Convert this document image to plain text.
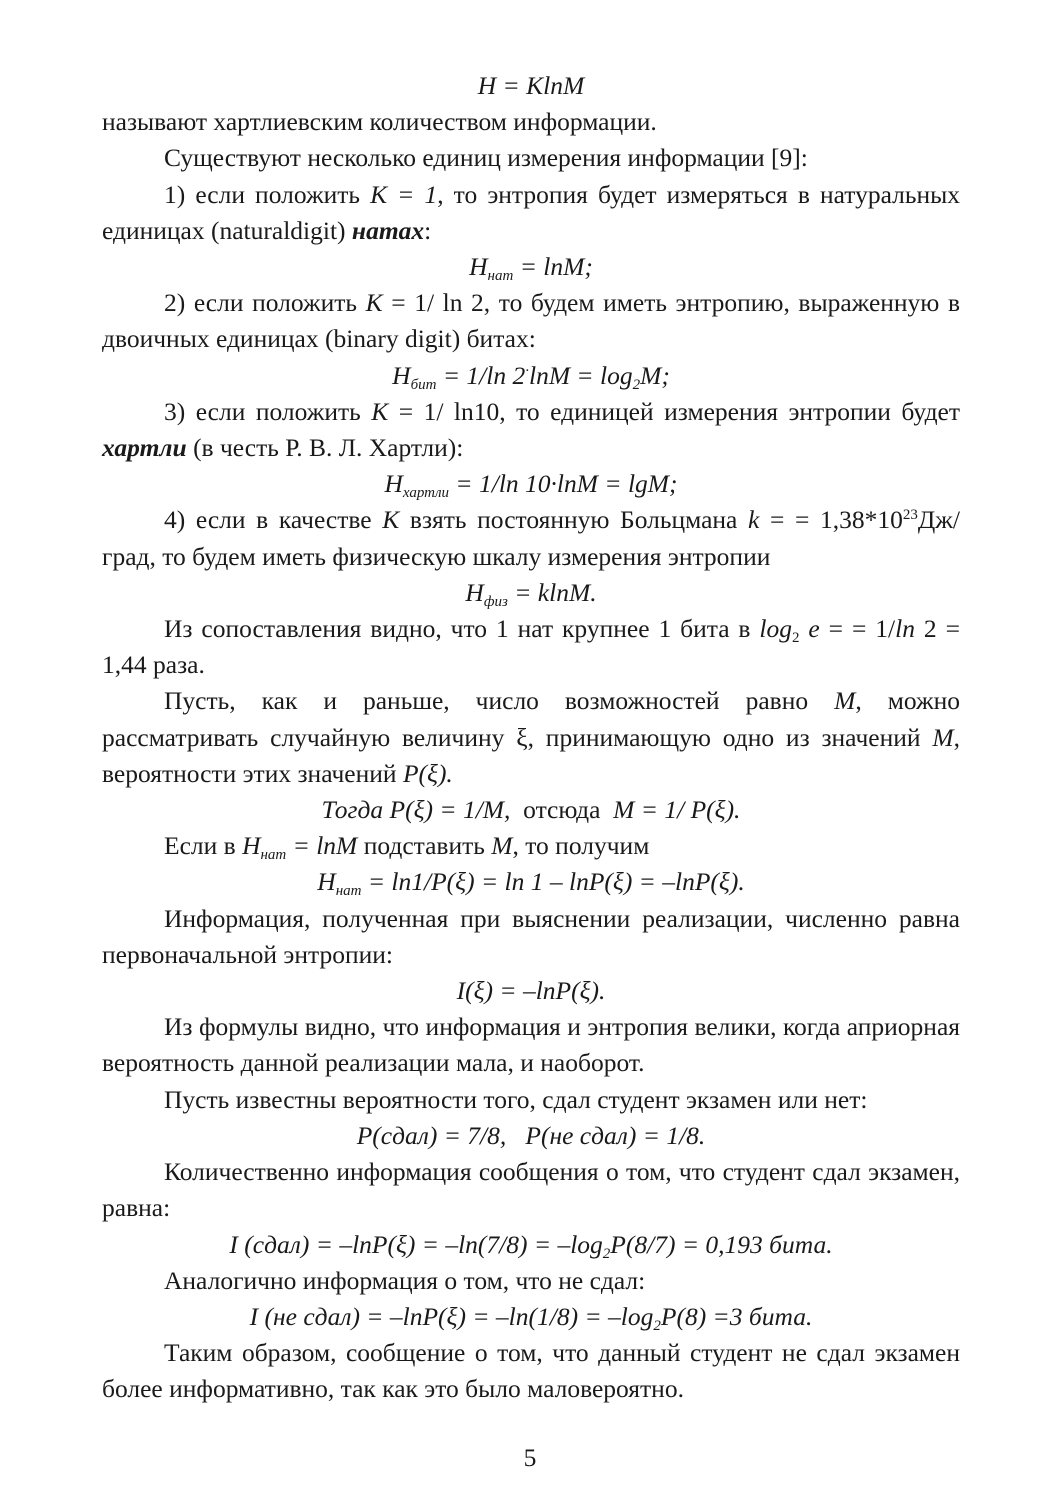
H = KlnM

называют хартлиевским количеством информации.

Существуют несколько единиц измерения информации [9]:

1) если положить K = 1, то энтропия будет измеряться в натуральных единицах (naturaldigit) натах:

$H_{нат} = \ln M$;

2) если положить K = 1/ ln 2, то будем иметь энтропию, выраженную в двоичных единицах (binary digit) битах:

$H_{бит} = 1/\ln$ $2^\cdot\ln M = \log_2M$;

3) если положить K = 1/ ln10, то единицей измерения энтропии будет хартли (в честь Р. В. Л. Хартли):

$H_{хартли} = 1/\ln$ 10·lnM = lgM;

4) если в качестве K взять постоянную Больцмана k = = $1,38*10^{23}Дж$/град, то будем иметь физическую шкалу измерения энтропии

$H_{физ} = klnM$.

Из сопоставления видно, что 1 нат крупнее 1 бита в $\log_2 e$ = = 1/ln 2 = 1,44 раза.

Пусть, как и раньше, число возможностей равно M, можно рассматривать случайную величину ξ, принимающую одно из значений M, вероятности этих значений P(ξ).

Тогда P(ξ) = 1/M, отсюда M = 1/ P(ξ).

Если в $H_{нат} = \ln M$ подставить M, то получим

$H_{нат} = \ln 1/P(\xi) = \ln 1 - \ln P(\xi) = -\ln P(\xi)$.

Информация, полученная при выяснении реализации, численно равна первоначальной энтропии:

I(ξ) = –lnP(ξ).

Из формулы видно, что информация и энтропия велики, когда априорная вероятность данной реализации мала, и наоборот.

Пусть известны вероятности того, сдал студент экзамен или нет:

P(сдал) = 7/8,   P(не сдал) = 1/8.

Количественно информация сообщения о том, что студент сдал экзамен, равна:

I (сдал) = $-\ln P(\xi) = -\ln(7/8) = -\log_2P(8/7) = 0,193$ бита.

Аналогично информация о том, что не сдал:

I (не сдал) = $-\ln P(\xi) = -\ln(1/8) = -\log_2P(8) =3$ бита.

Таким образом, сообщение о том, что данный студент не сдал экзамен более информативно, так как это было маловероятно.

5
